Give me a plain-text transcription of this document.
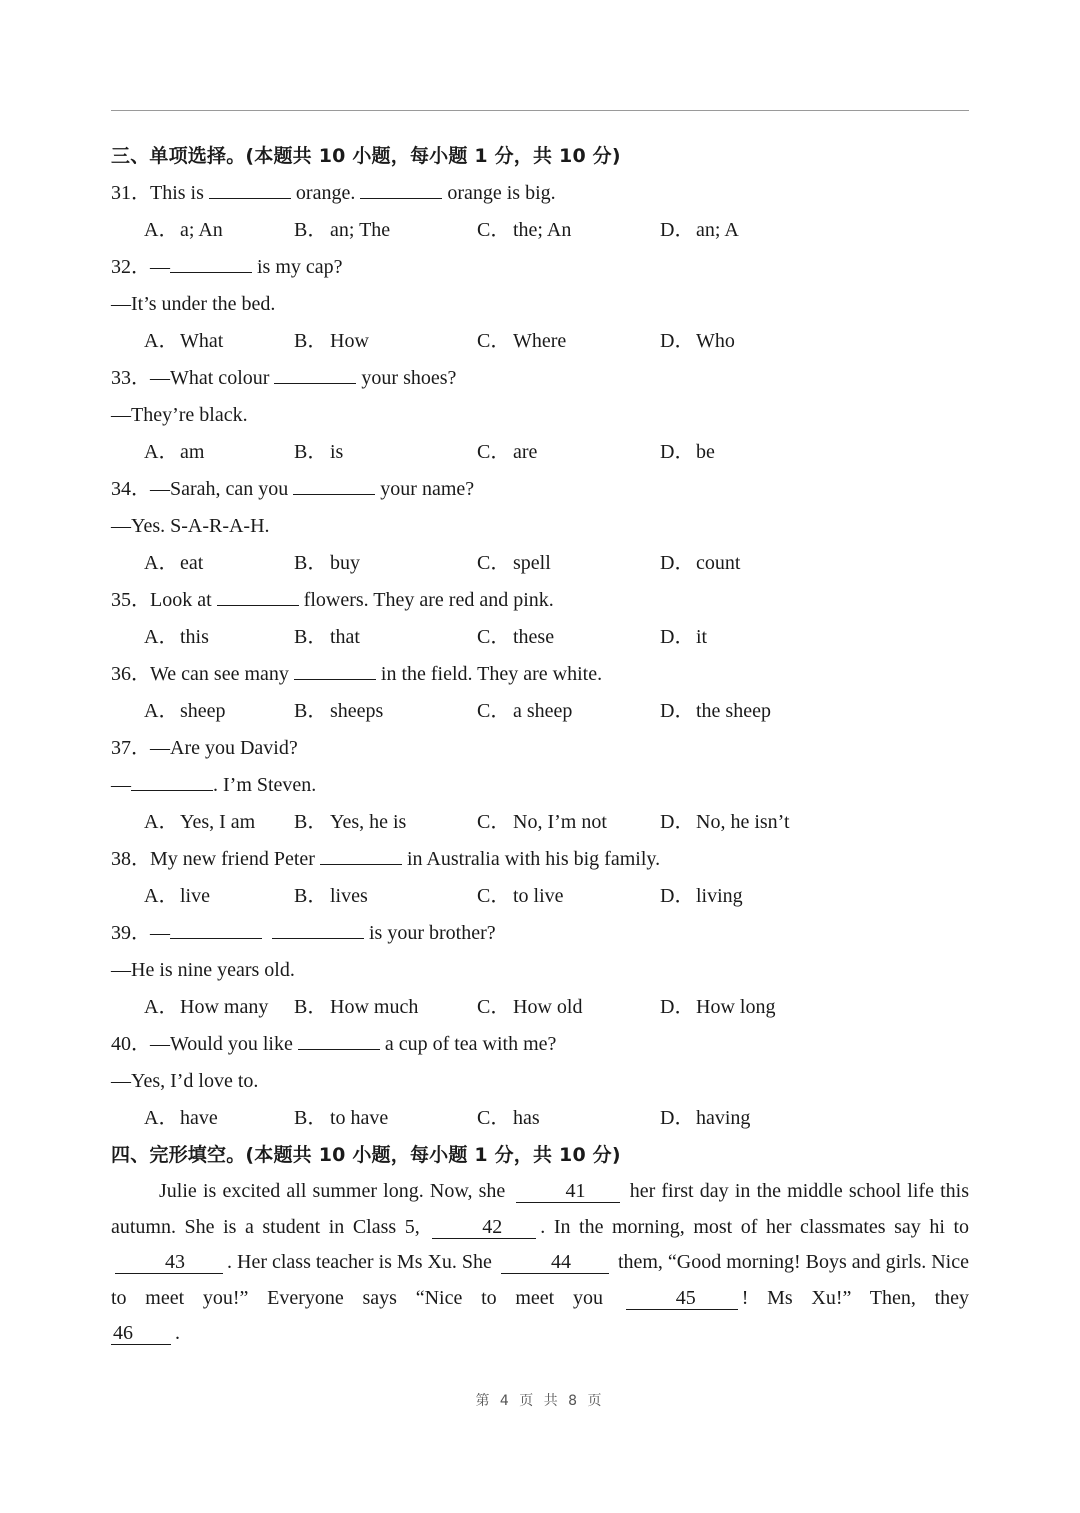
三、单项选择。(本题共 10 小题，每小题 1 分，共 10 分)
31．This is	orange.	orange is big.
A．a; An	B． an; The	C． the; An	D．an; A
32．—	is my cap?
—It’s under the bed.
A．What	B． How	C． Where	D．Who
33．—What colour	your shoes?
—They’re black.
A．am	B． is	C． are	D．be
34．—Sarah, can you	your name?
—Yes. S-A-R-A-H.
A．eat	B． buy	C． spell	D．count
35．Look at	flowers. They are red and pink.
A．this	B． that	C． these	D．it
36．We can see many	in the field. They are white.
A．sheep	B． sheeps	C． a sheep	D．the sheep
37．—Are you David?
—	. I’m Steven.
A．Yes, I am	B． Yes, he is	C． No, I’m not	D．No, he isn’t
38．My new friend Peter	in Australia with his big family.
A．live	B． lives	C． to live	D．living
39．—	is your brother?
—He is nine years old.
A．How many	B． How much	C． How old	D．How long
40．—Would you like	a cup of tea with me?
—Yes, I’d love to.
A．have	B． to have	C． has	D．having
四、完形填空。(本题共 10 小题，每小题 1 分，共 10 分)

Julie is excited all summer long. Now, she	41 her first day in the middle school life this autumn. She is a student in Class 5,	42 . In the morning, most of her classmates say hi to 43 . Her class teacher is Ms Xu. She	44 them, “Good morning! Boys and girls. Nice to meet you!” Everyone says “Nice to meet you	45 ! Ms Xu!” Then, they

46 .

第 4 页 共 8 页
